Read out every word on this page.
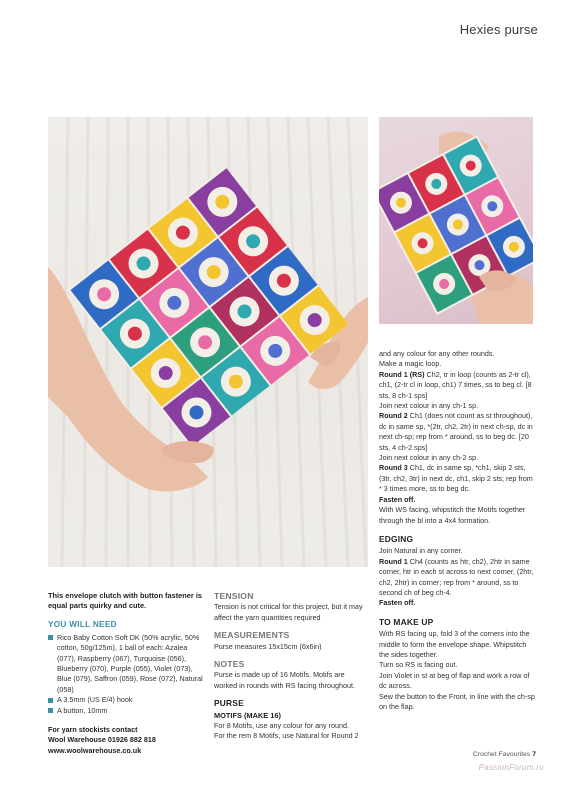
Hexies purse

This envelope clutch with button fastener is equal parts quirky and cute.

YOU WILL NEED
Rico Baby Cotton Soft DK (50% acrylic, 50% cotton, 50g/125m), 1 ball of each: Azalea (077), Raspberry (067), Turquoise (056), Blueberry (070), Purple (055), Violet (073), Blue (079), Saffron (059), Rose (072), Natural (058)
A 3.5mm (US E/4) hook
A button, 10mm
For yarn stockists contact
Wool Warehouse 01926 882 818
www.woolwarehouse.co.uk
TENSION

Tension is not critical for this project, but it may affect the yarn quantities required

MEASUREMENTS

Purse measures 15x15cm (6x6in)

NOTES

Purse is made up of 16 Motifs. Motifs are worked in rounds with RS facing throughout.

PURSE
MOTIFS (MAKE 16)

For 8 Motifs, use any colour for any round.

For the rem 8 Motifs, use Natural for Round 2

and any colour for any other rounds.

Make a magic loop.

Round 1 (RS) Ch2, tr in loop (counts as 2-tr cl), ch1, (2-tr cl in loop, ch1) 7 times, ss to beg cl. [8 sts, 8 ch-1 sps]

Join next colour in any ch-1 sp.

Round 2 Ch1 (does not count as st throughout), dc in same sp, *(2tr, ch2, 2tr) in next ch-sp, dc in next ch-sp; rep from * around, ss to beg dc. [20 sts, 4 ch-2 sps]

Join next colour in any ch-2 sp.

Round 3 Ch1, dc in same sp, *ch1, skip 2 sts, (3tr, ch2, 3tr) in next dc, ch1, skip 2 sts; rep from * 3 times more, ss to beg dc.

Fasten off.

With WS facing, whipstitch the Motifs together through the bl into a 4x4 formation.

EDGING

Join Natural in any corner.

Round 1 Ch4 (counts as htr, ch2), 2htr in same corner, htr in each st across to next corner, (2htr, ch2, 2htr) in corner; rep from * around, ss to second ch of beg ch-4.

Fasten off.

TO MAKE UP

With RS facing up, fold 3 of the corners into the middle to form the envelope shape. Whipstitch the sides together.

Turn so RS is facing out.

Join Violet in st at beg of flap and work a row of dc across.

Sew the button to the Front, in line with the ch-sp on the flap.

Crochet Favourites 7
PassionForum.ru
